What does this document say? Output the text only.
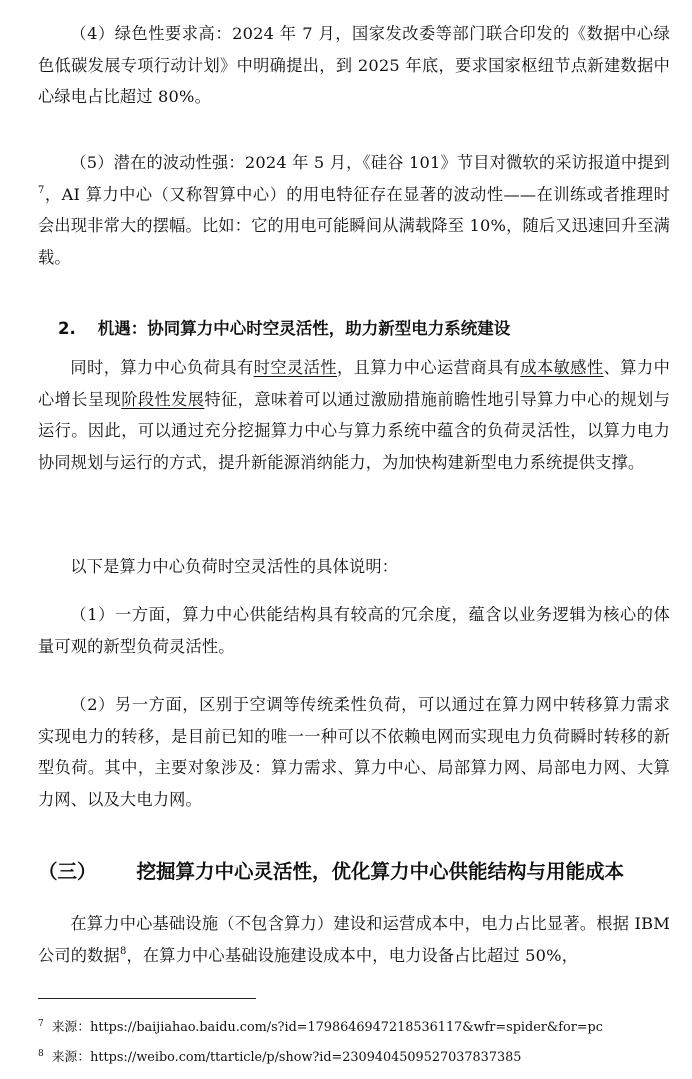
（4）绿色性要求高：2024 年 7 月，国家发改委等部门联合印发的《数据中心绿色低碳发展专项行动计划》中明确提出，到 2025 年底，要求国家枢纽节点新建数据中心绿电占比超过 80%。

（5）潜在的波动性强：2024 年 5 月，《硅谷 101》节目对微软的采访报道中提到$^7$，AI 算力中心（又称智算中心）的用电特征存在显著的波动性——在训练或者推理时会出现非常大的摆幅。比如：它的用电可能瞬间从满载降至 10%，随后又迅速回升至满载。

2. 机遇：协同算力中心时空灵活性，助力新型电力系统建设

同时，算力中心负荷具有时空灵活性，且算力中心运营商具有成本敏感性、算力中心增长呈现阶段性发展特征，意味着可以通过激励措施前瞻性地引导算力中心的规划与运行。因此，可以通过充分挖掘算力中心与算力系统中蕴含的负荷灵活性，以算力电力协同规划与运行的方式，提升新能源消纳能力，为加快构建新型电力系统提供支撑。

以下是算力中心负荷时空灵活性的具体说明：

（1）一方面，算力中心供能结构具有较高的冗余度，蕴含以业务逻辑为核心的体量可观的新型负荷灵活性。

（2）另一方面，区别于空调等传统柔性负荷，可以通过在算力网中转移算力需求实现电力的转移，是目前已知的唯一一种可以不依赖电网而实现电力负荷瞬时转移的新型负荷。其中，主要对象涉及：算力需求、算力中心、局部算力网、局部电力网、大算力网、以及大电力网。

（三） 挖掘算力中心灵活性，优化算力中心供能结构与用能成本

在算力中心基础设施（不包含算力）建设和运营成本中，电力占比显著。根据 IBM 公司的数据$^8$，在算力中心基础设施建设成本中，电力设备占比超过 50%，

$^7$ 来源：https://baijiahao.baidu.com/s?id=1798646947218536117&wfr=spider&for=pc
$^8$ 来源：https://weibo.com/ttarticle/p/show?id=2309404509527037837385
